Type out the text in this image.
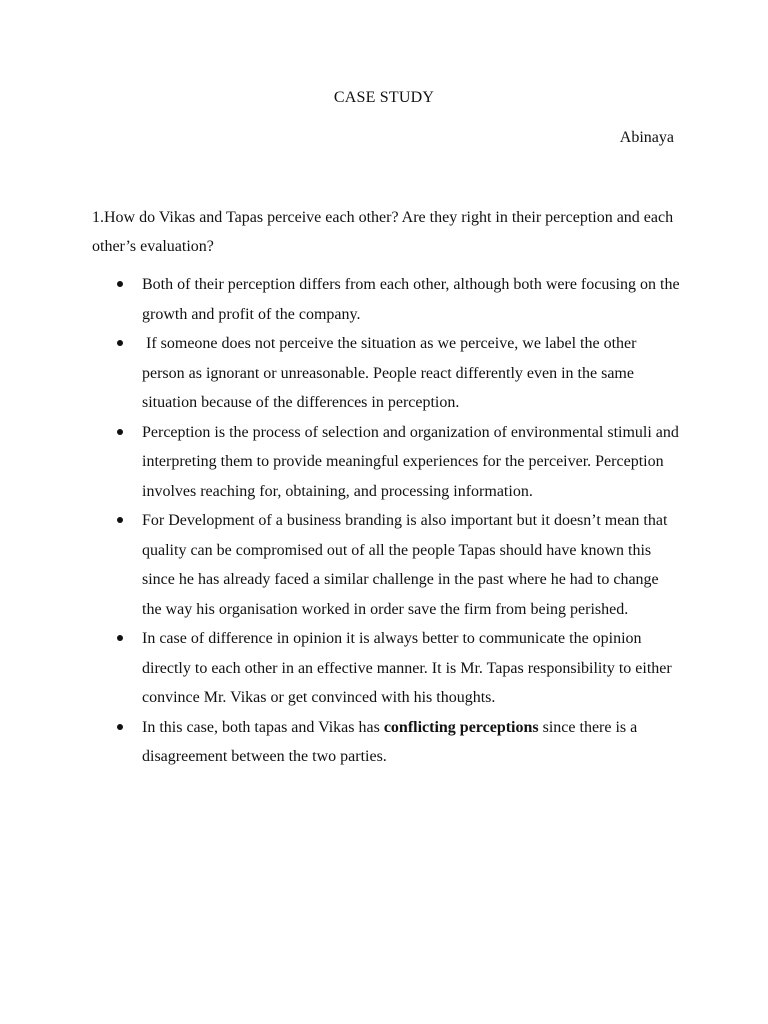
CASE STUDY
Abinaya
1.How do Vikas and Tapas perceive each other? Are they right in their perception and each other’s evaluation?
Both of their perception differs from each other, although both were focusing on the growth and profit of the company.
If someone does not perceive the situation as we perceive, we label the other person as ignorant or unreasonable. People react differently even in the same situation because of the differences in perception.
Perception is the process of selection and organization of environmental stimuli and interpreting them to provide meaningful experiences for the perceiver. Perception involves reaching for, obtaining, and processing information.
For Development of a business branding is also important but it doesn’t mean that quality can be compromised out of all the people Tapas should have known this since he has already faced a similar challenge in the past where he had to change the way his organisation worked in order save the firm from being perished.
In case of difference in opinion it is always better to communicate the opinion directly to each other in an effective manner. It is Mr. Tapas responsibility to either convince Mr. Vikas or get convinced with his thoughts.
In this case, both tapas and Vikas has conflicting perceptions since there is a disagreement between the two parties.
